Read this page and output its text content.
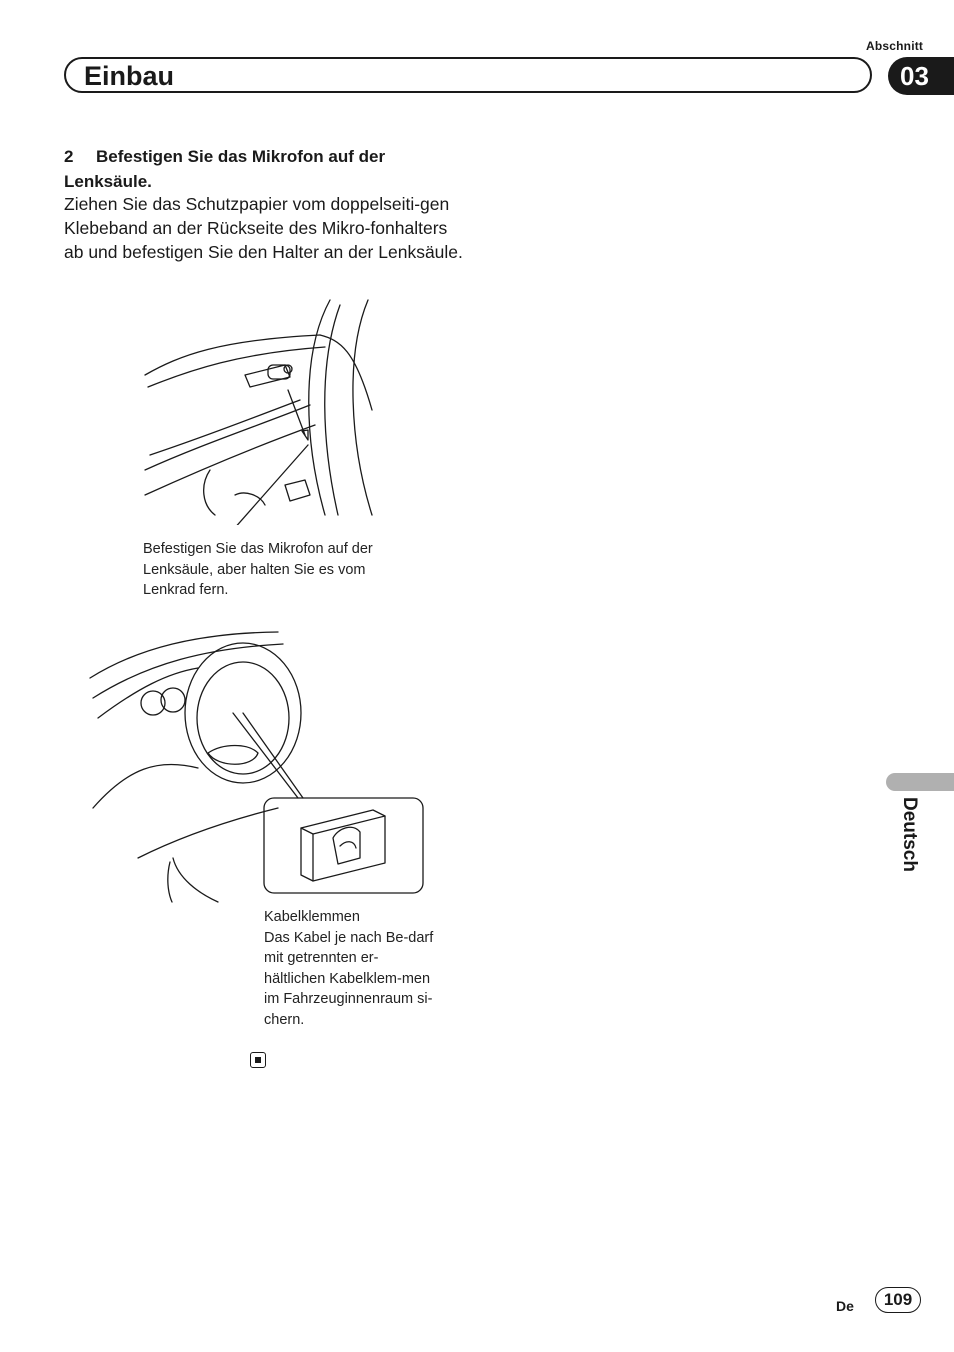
Abschnitt
Einbau	03
2 Befestigen Sie das Mikrofon auf der Lenksäule.
Ziehen Sie das Schutzpapier vom doppelseiti-gen Klebeband an der Rückseite des Mikro-fonhalters ab und befestigen Sie den Halter an der Lenksäule.
Befestigen Sie das Mikrofon auf der Lenksäule, aber halten Sie es vom Lenkrad fern.
Kabelklemmen
Das Kabel je nach Be-darf mit getrennten er-hältlichen Kabelklem-men im Fahrzeuginnenraum si-chern.
Deutsch
De	109
